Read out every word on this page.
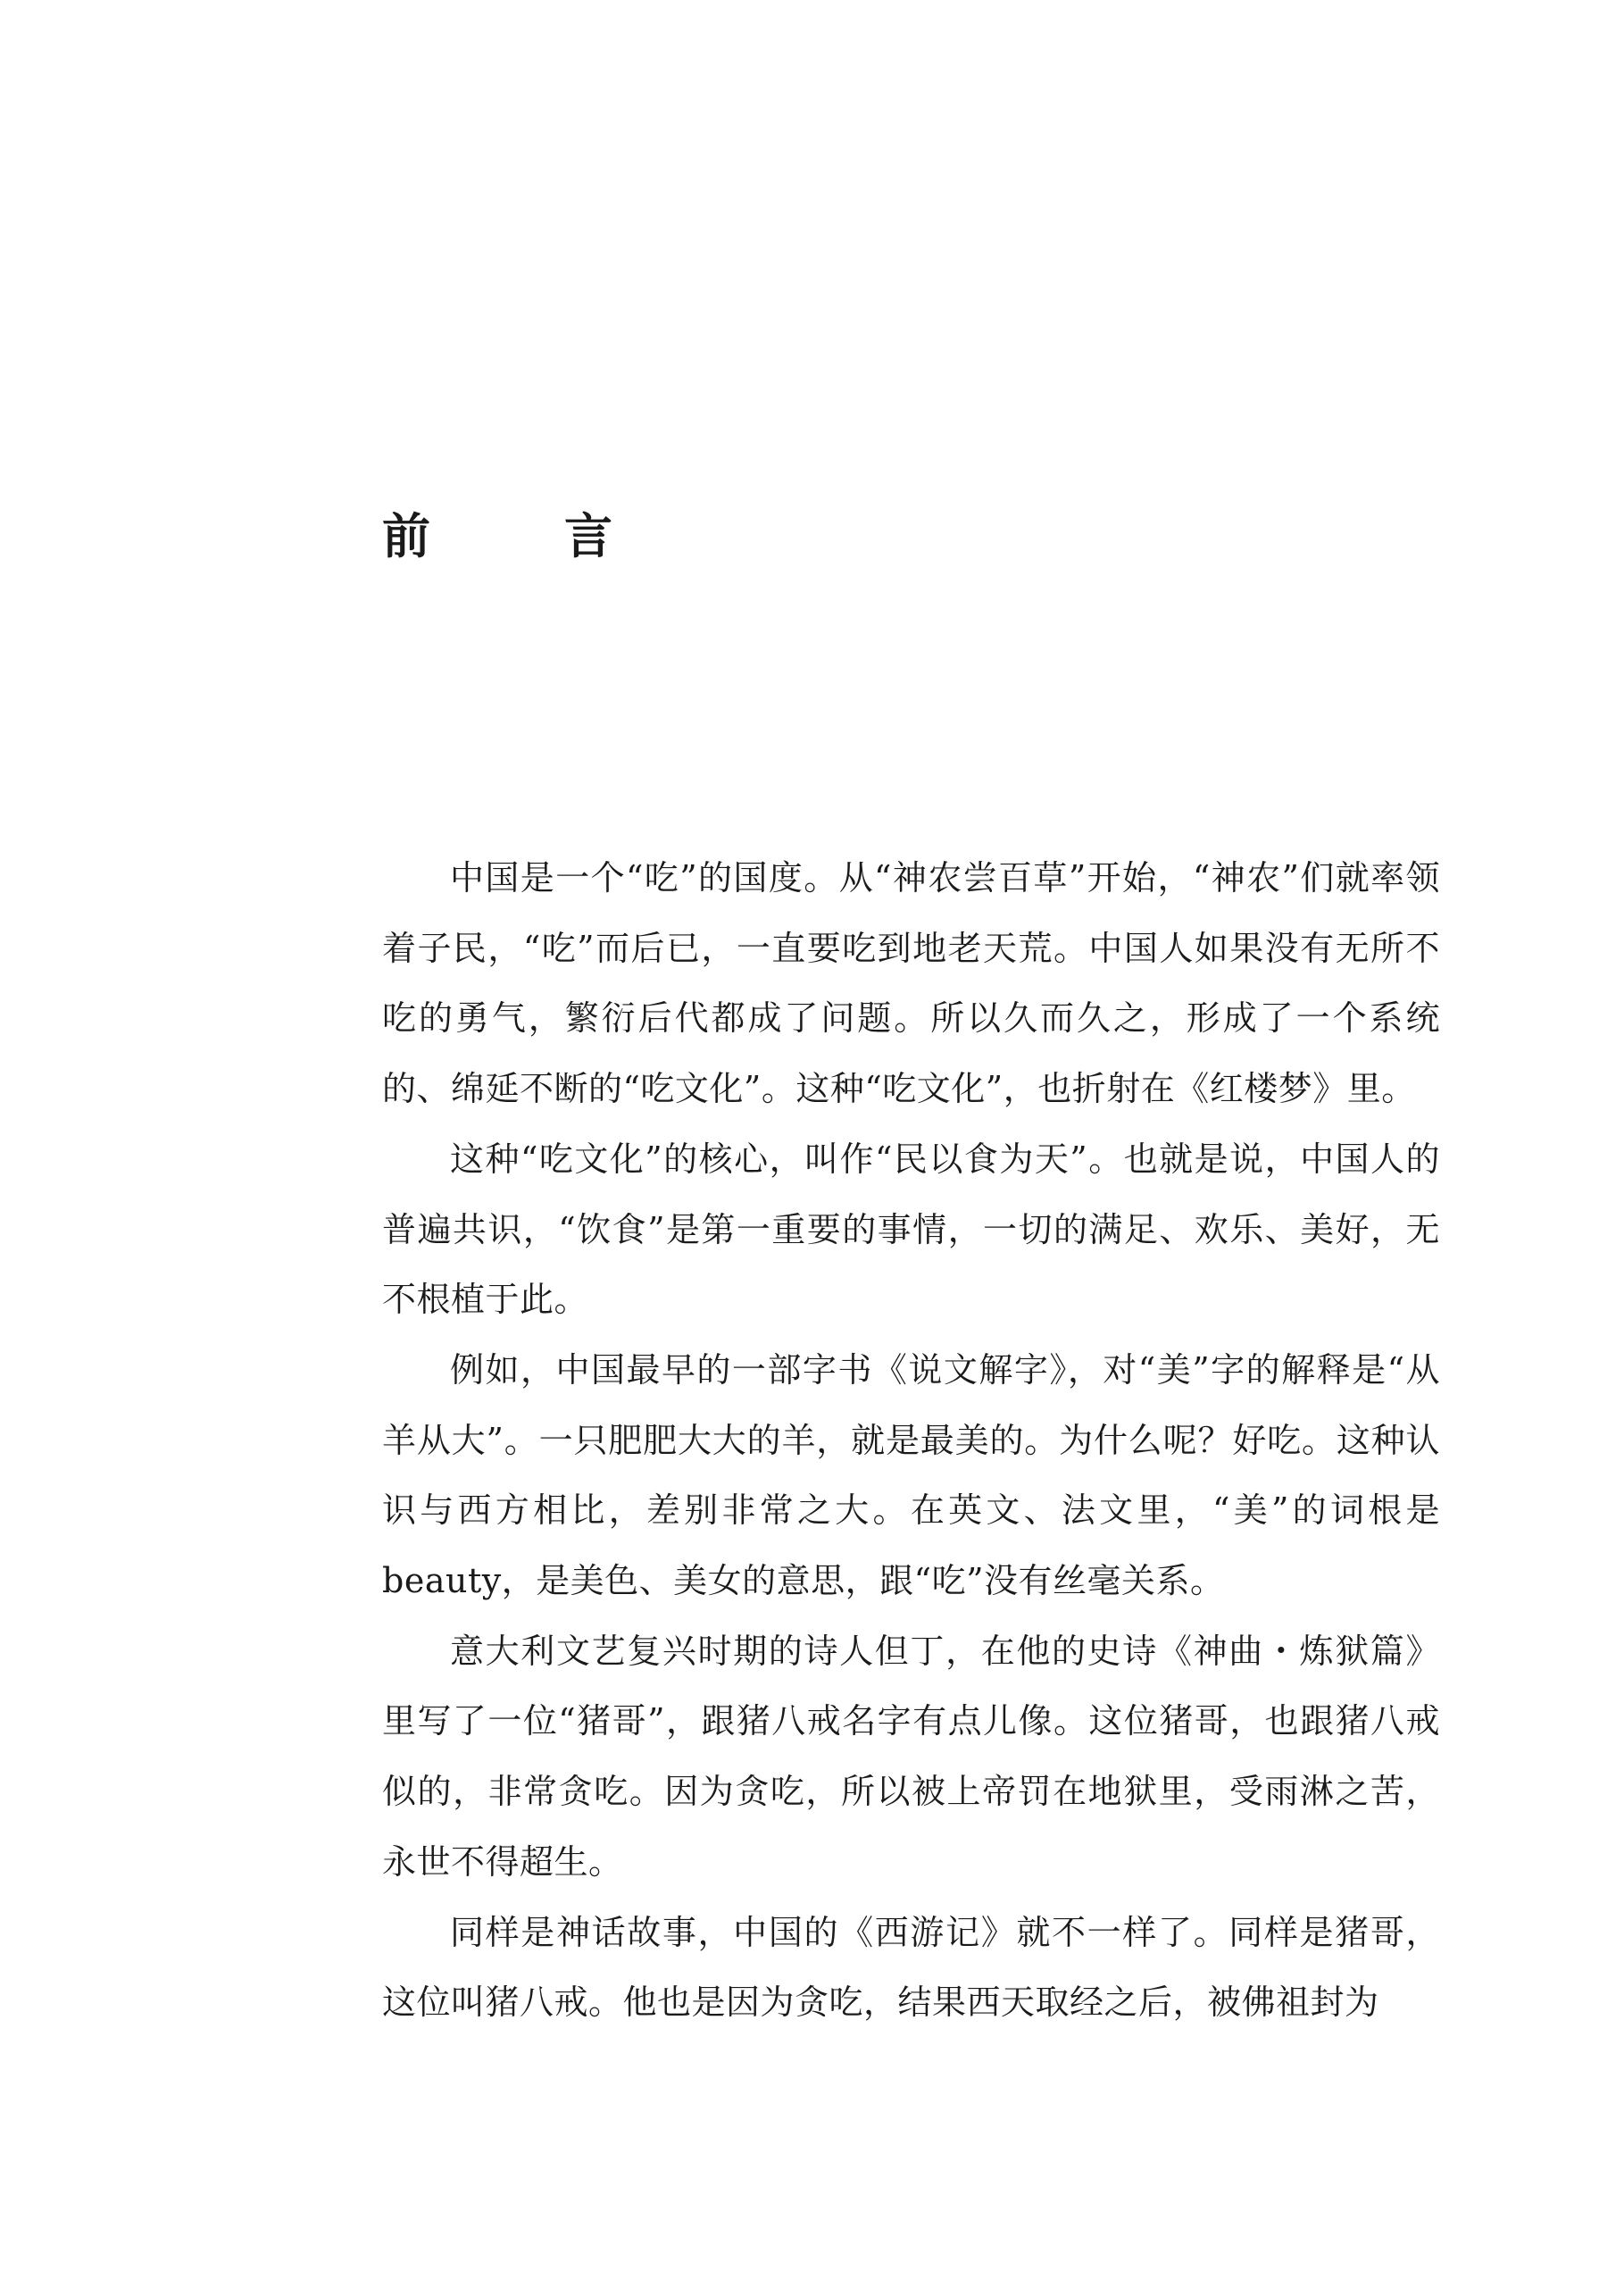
前　言

中国是一个“吃”的国度。从“神农尝百草”开始，“神农”们就率领着子民，“吃”而后已，一直要吃到地老天荒。中国人如果没有无所不吃的勇气，繁衍后代都成了问题。所以久而久之，形成了一个系统的、绵延不断的“吃文化”。这种“吃文化”，也折射在《红楼梦》里。

这种“吃文化”的核心，叫作“民以食为天”。也就是说，中国人的普遍共识，“饮食”是第一重要的事情，一切的满足、欢乐、美好，无不根植于此。

例如，中国最早的一部字书《说文解字》，对“美”字的解释是“从羊从大”。一只肥肥大大的羊，就是最美的。为什么呢？好吃。这种认识与西方相比，差别非常之大。在英文、法文里，“美”的词根是 beauty，是美色、美女的意思，跟“吃”没有丝毫关系。

意大利文艺复兴时期的诗人但丁，在他的史诗《神曲・炼狱篇》里写了一位“猪哥”，跟猪八戒名字有点儿像。这位猪哥，也跟猪八戒似的，非常贪吃。因为贪吃，所以被上帝罚在地狱里，受雨淋之苦，永世不得超生。

同样是神话故事，中国的《西游记》就不一样了。同样是猪哥，这位叫猪八戒。他也是因为贪吃，结果西天取经之后，被佛祖封为
